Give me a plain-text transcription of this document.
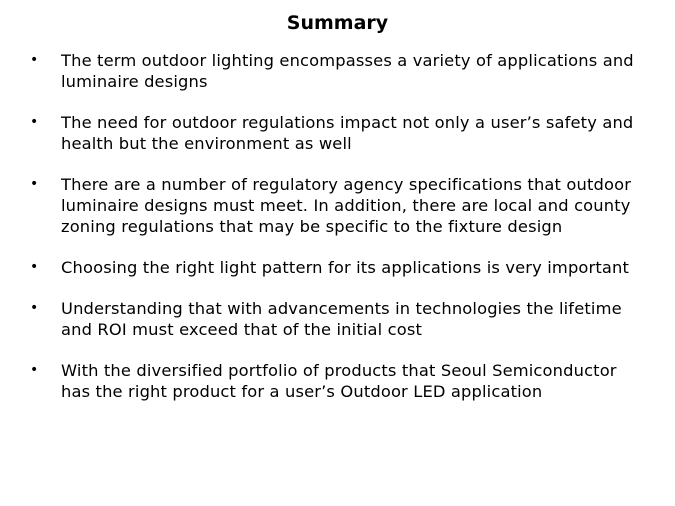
Summary
• The term outdoor lighting encompasses a variety of applications and luminaire designs
• The need for outdoor regulations impact not only a user’s safety and health but the environment as well
• There are a number of regulatory agency specifications that outdoor luminaire designs must meet. In addition, there are local and county zoning regulations that may be specific to the fixture design
• Choosing the right light pattern for its applications is very important
• Understanding that with advancements in technologies the lifetime and ROI must exceed that of the initial cost
• With the diversified portfolio of products that Seoul Semiconductor has the right product for a user’s Outdoor LED application
